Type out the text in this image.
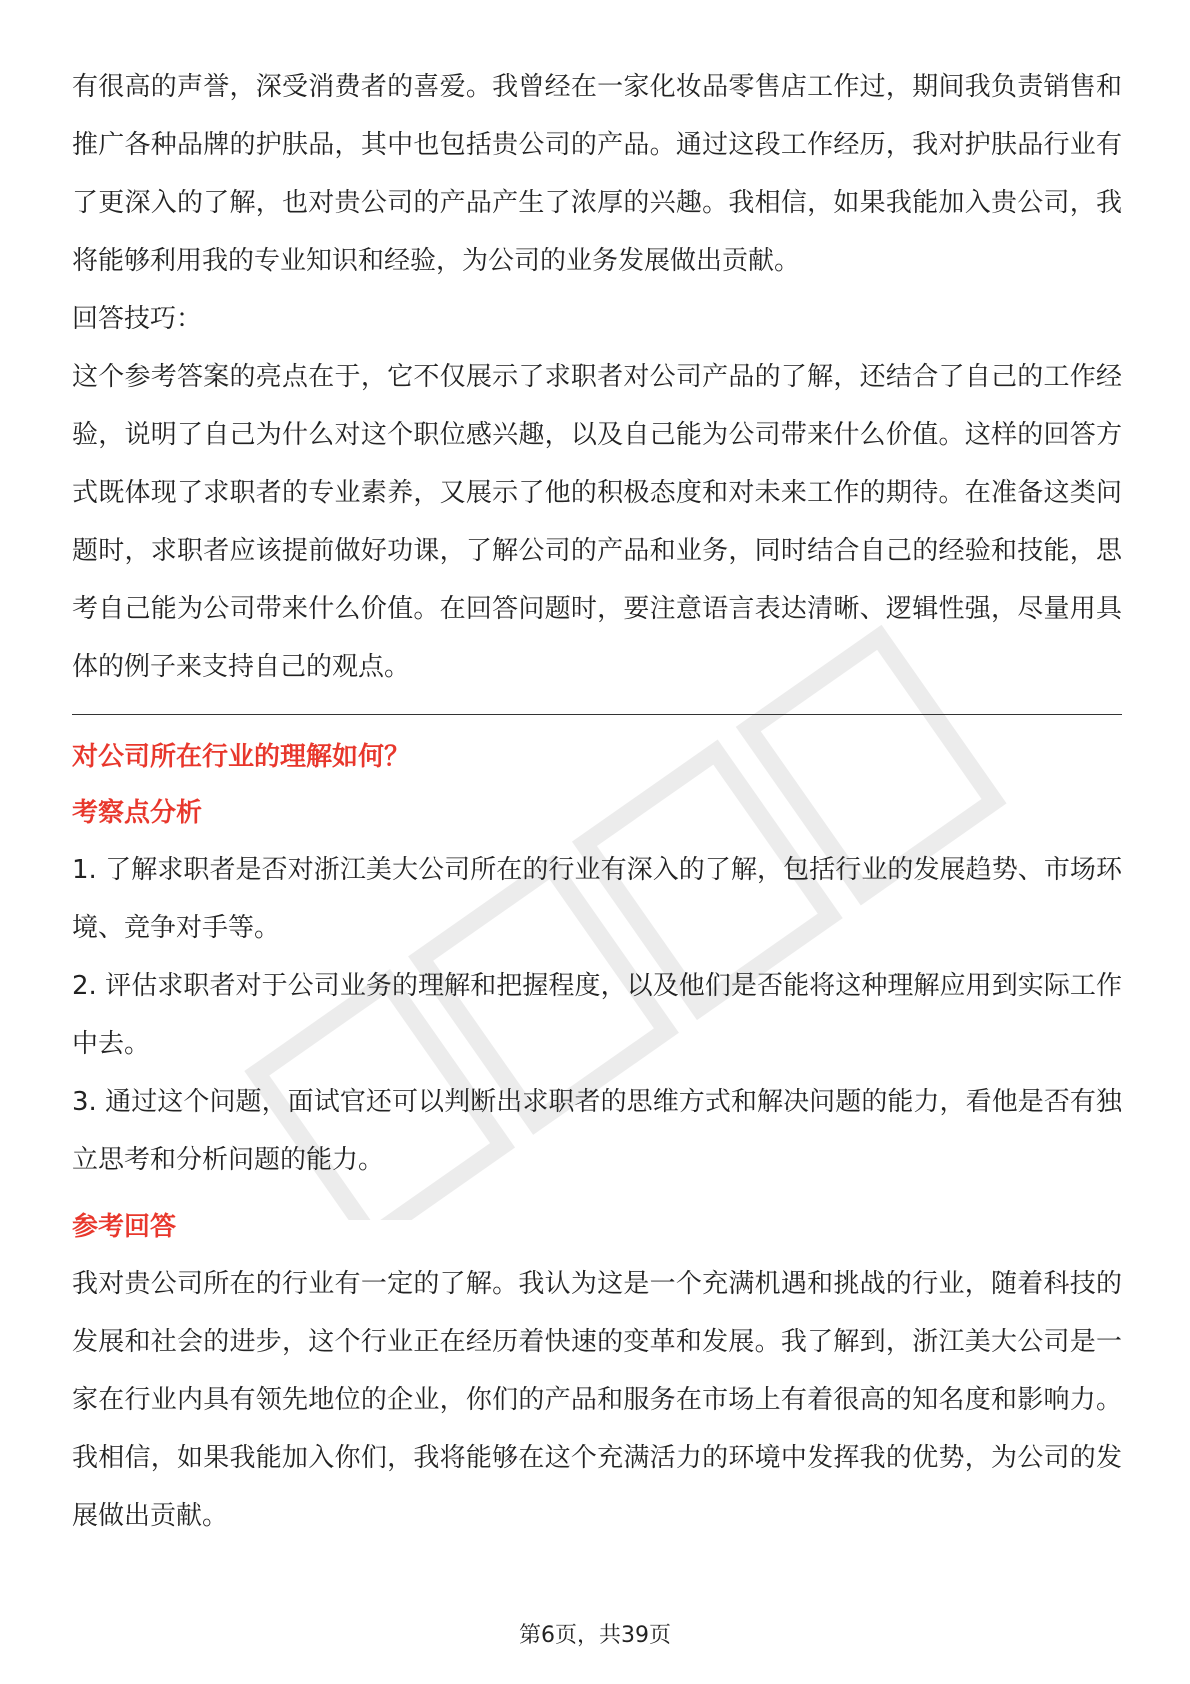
有很高的声誉，深受消费者的喜爱。我曾经在一家化妆品零售店工作过，期间我负责销售和推广各种品牌的护肤品，其中也包括贵公司的产品。通过这段工作经历，我对护肤品行业有了更深入的了解，也对贵公司的产品产生了浓厚的兴趣。我相信，如果我能加入贵公司，我将能够利用我的专业知识和经验，为公司的业务发展做出贡献。

回答技巧：

这个参考答案的亮点在于，它不仅展示了求职者对公司产品的了解，还结合了自己的工作经验，说明了自己为什么对这个职位感兴趣，以及自己能为公司带来什么价值。这样的回答方式既体现了求职者的专业素养，又展示了他的积极态度和对未来工作的期待。在准备这类问题时，求职者应该提前做好功课，了解公司的产品和业务，同时结合自己的经验和技能，思考自己能为公司带来什么价值。在回答问题时，要注意语言表达清晰、逻辑性强，尽量用具体的例子来支持自己的观点。

对公司所在行业的理解如何？

考察点分析

1. 了解求职者是否对浙江美大公司所在的行业有深入的了解，包括行业的发展趋势、市场环境、竞争对手等。

2. 评估求职者对于公司业务的理解和把握程度，以及他们是否能将这种理解应用到实际工作中去。

3. 通过这个问题，面试官还可以判断出求职者的思维方式和解决问题的能力，看他是否有独立思考和分析问题的能力。

参考回答

我对贵公司所在的行业有一定的了解。我认为这是一个充满机遇和挑战的行业，随着科技的发展和社会的进步，这个行业正在经历着快速的变革和发展。我了解到，浙江美大公司是一家在行业内具有领先地位的企业，你们的产品和服务在市场上有着很高的知名度和影响力。我相信，如果我能加入你们，我将能够在这个充满活力的环境中发挥我的优势，为公司的发展做出贡献。

第6页，共39页
